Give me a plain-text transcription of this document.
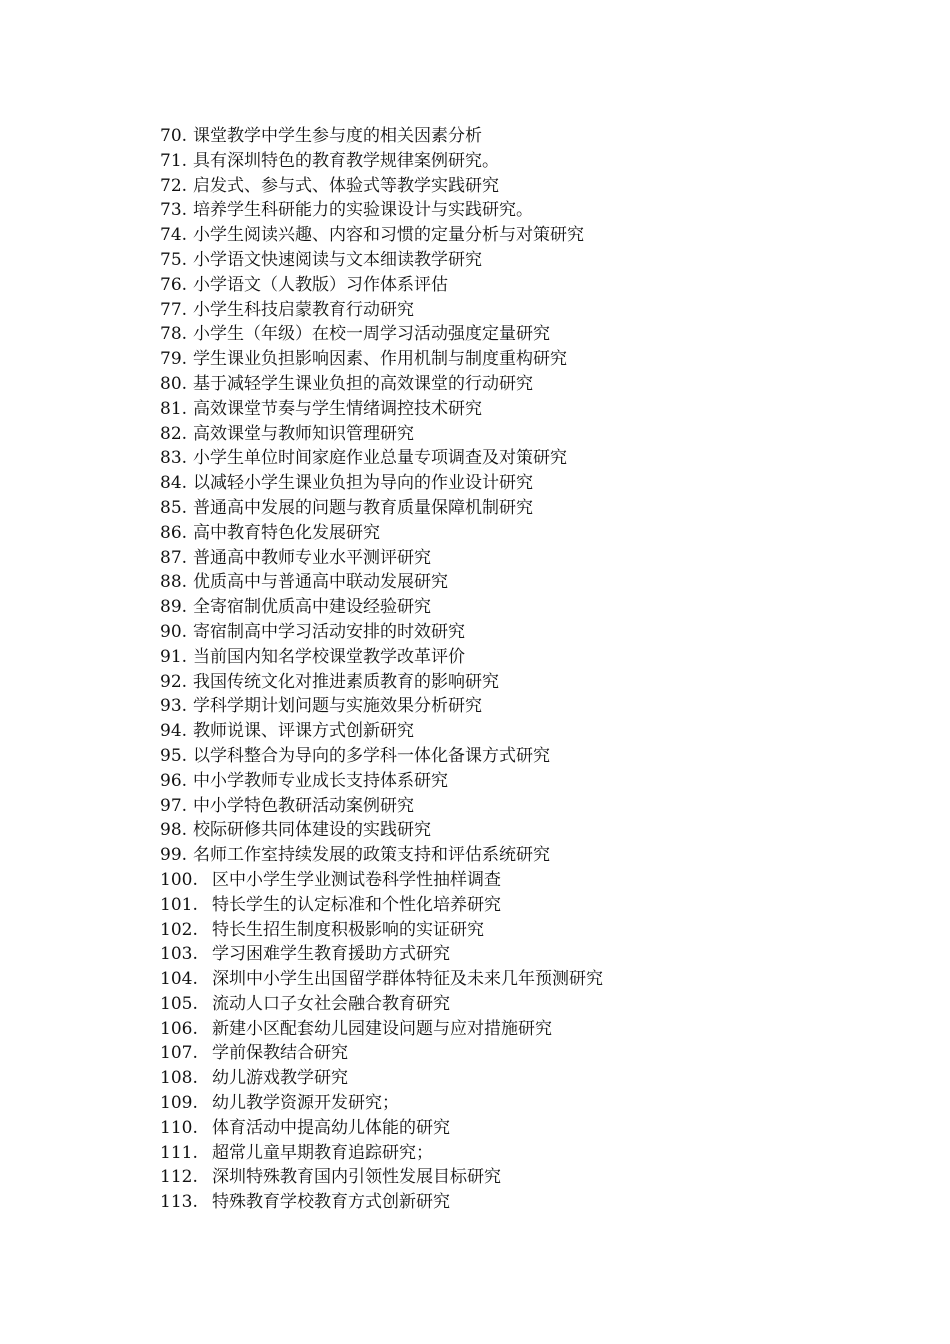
70. 课堂教学中学生参与度的相关因素分析
71. 具有深圳特色的教育教学规律案例研究。
72. 启发式、参与式、体验式等教学实践研究
73. 培养学生科研能力的实验课设计与实践研究。
74. 小学生阅读兴趣、内容和习惯的定量分析与对策研究
75. 小学语文快速阅读与文本细读教学研究
76. 小学语文（人教版）习作体系评估
77. 小学生科技启蒙教育行动研究
78. 小学生（年级）在校一周学习活动强度定量研究
79. 学生课业负担影响因素、作用机制与制度重构研究
80. 基于减轻学生课业负担的高效课堂的行动研究
81. 高效课堂节奏与学生情绪调控技术研究
82. 高效课堂与教师知识管理研究
83. 小学生单位时间家庭作业总量专项调查及对策研究
84. 以减轻小学生课业负担为导向的作业设计研究
85. 普通高中发展的问题与教育质量保障机制研究
86. 高中教育特色化发展研究
87. 普通高中教师专业水平测评研究
88. 优质高中与普通高中联动发展研究
89. 全寄宿制优质高中建设经验研究
90. 寄宿制高中学习活动安排的时效研究
91. 当前国内知名学校课堂教学改革评价
92. 我国传统文化对推进素质教育的影响研究
93. 学科学期计划问题与实施效果分析研究
94. 教师说课、评课方式创新研究
95. 以学科整合为导向的多学科一体化备课方式研究
96. 中小学教师专业成长支持体系研究
97. 中小学特色教研活动案例研究
98. 校际研修共同体建设的实践研究
99. 名师工作室持续发展的政策支持和评估系统研究
100. 区中小学生学业测试卷科学性抽样调查
101. 特长学生的认定标准和个性化培养研究
102. 特长生招生制度积极影响的实证研究
103. 学习困难学生教育援助方式研究
104. 深圳中小学生出国留学群体特征及未来几年预测研究
105. 流动人口子女社会融合教育研究
106. 新建小区配套幼儿园建设问题与应对措施研究
107. 学前保教结合研究
108. 幼儿游戏教学研究
109. 幼儿教学资源开发研究；
110. 体育活动中提高幼儿体能的研究
111. 超常儿童早期教育追踪研究；
112. 深圳特殊教育国内引领性发展目标研究
113. 特殊教育学校教育方式创新研究
